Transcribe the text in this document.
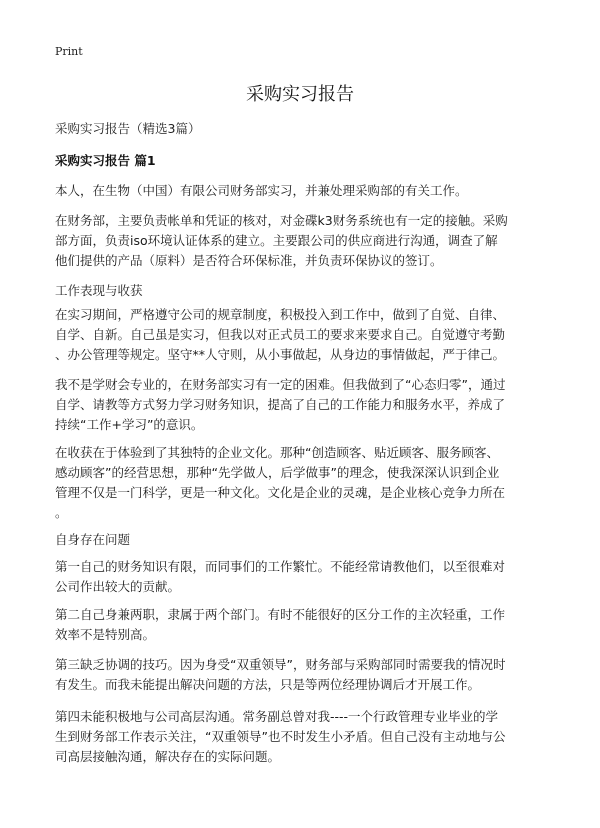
Print
采购实习报告
采购实习报告（精选3篇）
采购实习报告 篇1
本人，在生物（中国）有限公司财务部实习，并兼处理采购部的有关工作。
在财务部，主要负责帐单和凭证的核对，对金碟k3财务系统也有一定的接触。采购
部方面，负责iso环境认证体系的建立。主要跟公司的供应商进行沟通，调查了解
他们提供的产品（原料）是否符合环保标准，并负责环保协议的签订。
工作表现与收获
在实习期间，严格遵守公司的规章制度，积极投入到工作中，做到了自觉、自律、
自学、自新。自己虽是实习，但我以对正式员工的要求来要求自己。自觉遵守考勤
、办公管理等规定。坚守**人守则，从小事做起，从身边的事情做起，严于律己。
我不是学财会专业的，在财务部实习有一定的困难。但我做到了“心态归零”，通过
自学、请教等方式努力学习财务知识，提高了自己的工作能力和服务水平，养成了
持续“工作+学习”的意识。
在收获在于体验到了其独特的企业文化。那种“创造顾客、贴近顾客、服务顾客、
感动顾客”的经营思想，那种“先学做人，后学做事”的理念，使我深深认识到企业
管理不仅是一门科学，更是一种文化。文化是企业的灵魂，是企业核心竞争力所在
。
自身存在问题
第一自己的财务知识有限，而同事们的工作繁忙。不能经常请教他们，以至很难对
公司作出较大的贡献。
第二自己身兼两职，隶属于两个部门。有时不能很好的区分工作的主次轻重，工作
效率不是特别高。
第三缺乏协调的技巧。因为身受“双重领导”，财务部与采购部同时需要我的情况时
有发生。而我未能提出解决问题的方法，只是等两位经理协调后才开展工作。
第四未能积极地与公司高层沟通。常务副总曾对我----一个行政管理专业毕业的学
生到财务部工作表示关注，“双重领导”也不时发生小矛盾。但自己没有主动地与公
司高层接触沟通，解决存在的实际问题。
